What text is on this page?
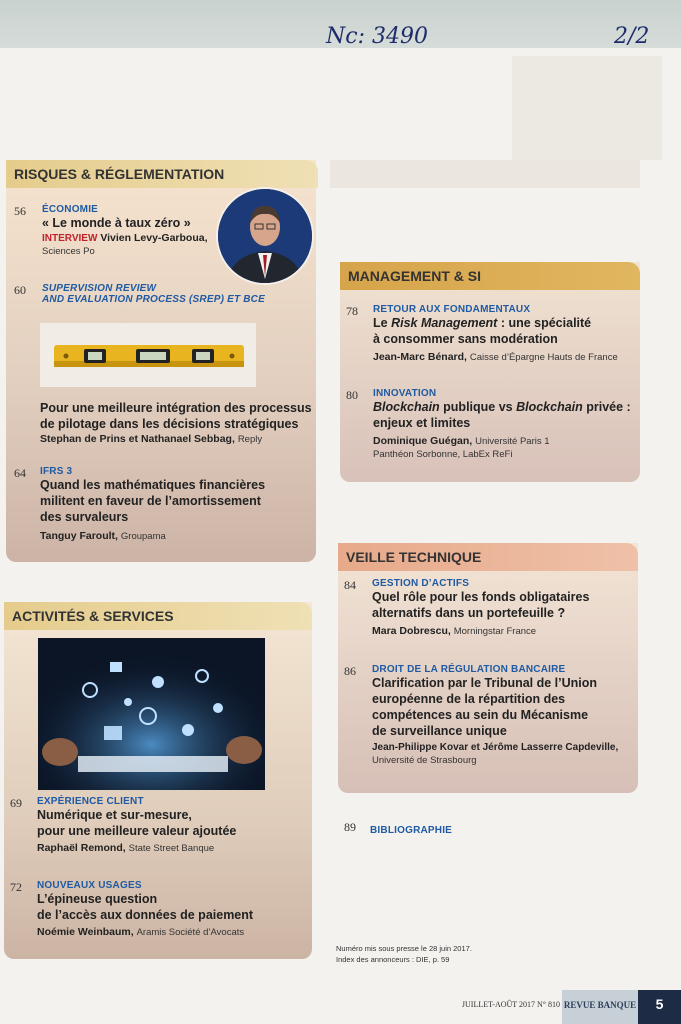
Nc: 3490	2/2
RISQUES & RÉGLEMENTATION
56 ÉCONOMIE
« Le monde à taux zéro »
INTERVIEW Vivien Levy-Garboua,
Sciences Po
60 SUPERVISION REVIEW
AND EVALUATION PROCESS (SREP) ET BCE
Pour une meilleure intégration des processus
de pilotage dans les décisions stratégiques
Stephan de Prins et Nathanael Sebbag, Reply
64 IFRS 3
Quand les mathématiques financières
militent en faveur de l’amortissement
des survaleurs
Tanguy Faroult, Groupama
ACTIVITÉS & SERVICES
69 EXPÉRIENCE CLIENT
Numérique et sur-mesure,
pour une meilleure valeur ajoutée
Raphaël Remond, State Street Banque
72 NOUVEAUX USAGES
L’épineuse question
de l’accès aux données de paiement
Noémie Weinbaum, Aramis Société d’Avocats
MANAGEMENT & SI
78 RETOUR AUX FONDAMENTAUX
Le Risk Management : une spécialité
à consommer sans modération
Jean-Marc Bénard, Caisse d’Épargne Hauts de France
80 INNOVATION
Blockchain publique vs Blockchain privée :
enjeux et limites
Dominique Guégan, Université Paris 1
Panthéon Sorbonne, LabEx ReFi
VEILLE TECHNIQUE
84 GESTION D’ACTIFS
Quel rôle pour les fonds obligataires
alternatifs dans un portefeuille ?
Mara Dobrescu, Morningstar France
86 DROIT DE LA RÉGULATION BANCAIRE
Clarification par le Tribunal de l’Union
européenne de la répartition des
compétences au sein du Mécanisme
de surveillance unique
Jean-Philippe Kovar et Jérôme Lasserre Capdeville,
Université de Strasbourg
89 BIBLIOGRAPHIE
Numéro mis sous presse le 28 juin 2017.
Index des annonceurs : DIE, p. 59
JUILLET-AOÛT 2017 N° 810 REVUE BANQUE	5
